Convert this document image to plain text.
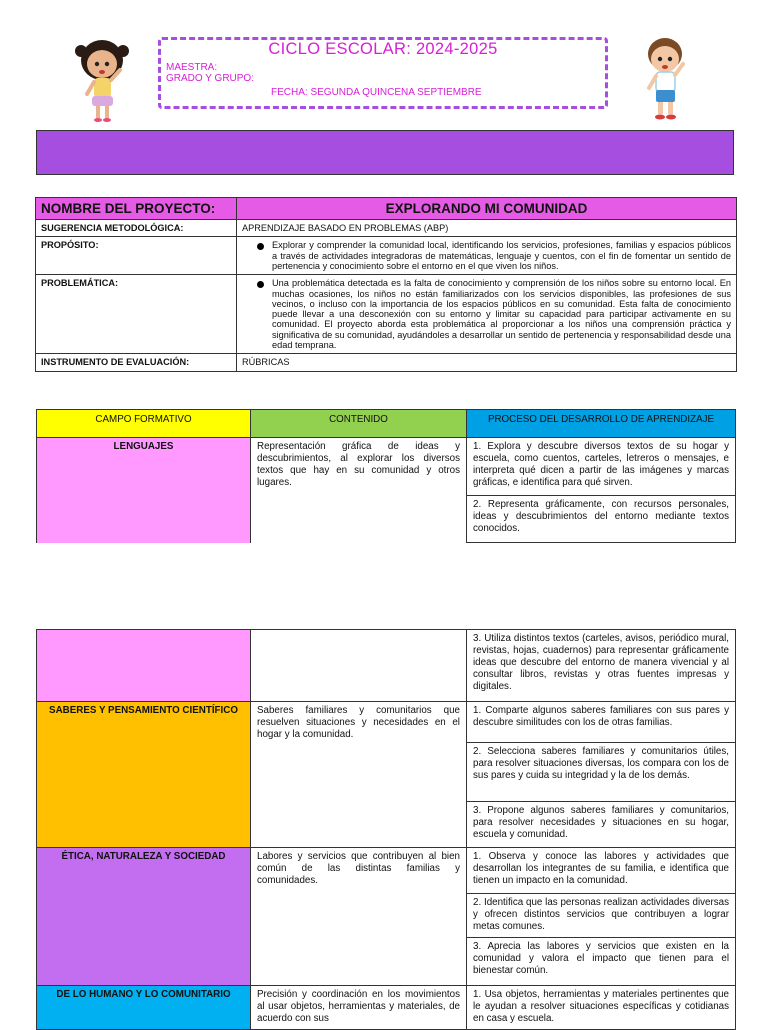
CICLO ESCOLAR: 2024-2025
MAESTRA:
GRADO Y GRUPO:
FECHA: SEGUNDA QUINCENA SEPTIEMBRE
NOMBRE DEL PROYECTO:	EXPLORANDO MI COMUNIDAD
SUGERENCIA METODOLÓGICA:	APRENDIZAJE BASADO EN PROBLEMAS (ABP)
PROPÓSITO:	Explorar y comprender la comunidad local, identificando los servicios, profesiones, familias y espacios públicos a través de actividades integradoras de matemáticas, lenguaje y cuentos, con el fin de fomentar un sentido de pertenencia y conocimiento sobre el entorno en el que viven los niños.

PROBLEMÁTICA:	Una problemática detectada es la falta de conocimiento y comprensión de los niños sobre su entorno local. En muchas ocasiones, los niños no están familiarizados con los servicios disponibles, las profesiones de sus vecinos, o incluso con la importancia de los espacios públicos en su comunidad. Esta falta de conocimiento puede llevar a una desconexión con su entorno y limitar su capacidad para participar activamente en su comunidad. El proyecto aborda esta problemática al proporcionar a los niños una comprensión práctica y significativa de su comunidad, ayudándoles a desarrollar un sentido de pertenencia y responsabilidad desde una edad temprana.

INSTRUMENTO DE EVALUACIÓN:	RÚBRICAS
CAMPO FORMATIVO	CONTENIDO	PROCESO DEL DESARROLLO DE APRENDIZAJE
LENGUAJES	Representación gráfica de ideas y descubrimientos, al explorar los diversos textos que hay en su comunidad y otros lugares.
1. Explora y descubre diversos textos de su hogar y escuela, como cuentos, carteles, letreros o mensajes, e interpreta qué dicen a partir de las imágenes y marcas gráficas, e identifica para qué sirven.
2. Representa gráficamente, con recursos personales, ideas y descubrimientos del entorno mediante textos conocidos.
3. Utiliza distintos textos (carteles, avisos, periódico mural, revistas, hojas, cuadernos) para representar gráficamente ideas que descubre del entorno de manera vivencial y al consultar libros, revistas y otras fuentes impresas y digitales.
SABERES Y PENSAMIENTO CIENTÍFICO	Saberes familiares y comunitarios que resuelven situaciones y necesidades en el hogar y la comunidad.
1. Comparte algunos saberes familiares con sus pares y descubre similitudes con los de otras familias.
2. Selecciona saberes familiares y comunitarios útiles, para resolver situaciones diversas, los compara con los de sus pares y cuida su integridad y la de los demás.
3. Propone algunos saberes familiares y comunitarios, para resolver necesidades y situaciones en su hogar, escuela y comunidad.
ÉTICA, NATURALEZA Y SOCIEDAD	Labores y servicios que contribuyen al bien común de las distintas familias y comunidades.
1. Observa y conoce las labores y actividades que desarrollan los integrantes de su familia, e identifica que tienen un impacto en la comunidad.
2. Identifica que las personas realizan actividades diversas y ofrecen distintos servicios que contribuyen a lograr metas comunes.
3. Aprecia las labores y servicios que existen en la comunidad y valora el impacto que tienen para el bienestar común.
DE LO HUMANO Y LO COMUNITARIO	Precisión y coordinación en los movimientos al usar objetos, herramientas y materiales, de acuerdo con sus
1. Usa objetos, herramientas y materiales pertinentes que le ayudan a resolver situaciones específicas y cotidianas en casa y escuela.
